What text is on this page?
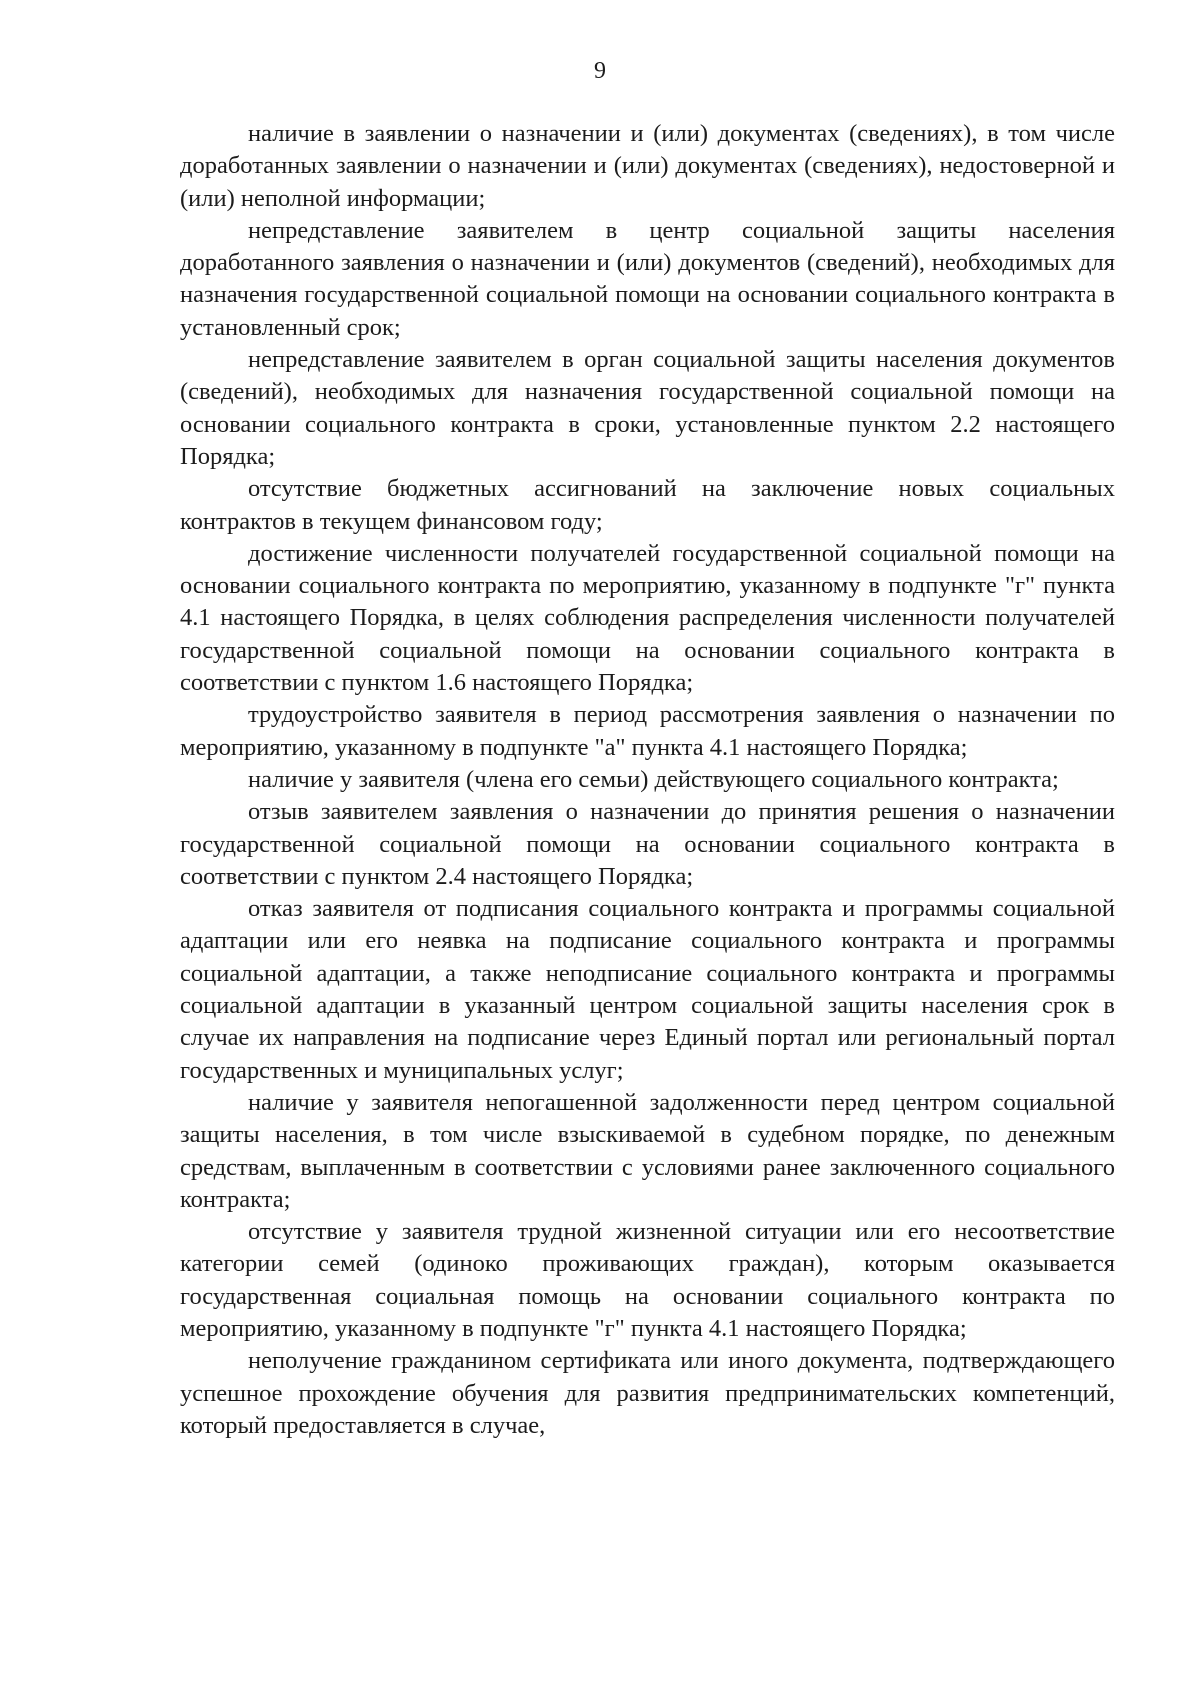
9

наличие в заявлении о назначении и (или) документах (сведениях), в том числе доработанных заявлении о назначении и (или) документах (сведениях), недостоверной и (или) неполной информации;

непредставление заявителем в центр социальной защиты населения доработанного заявления о назначении и (или) документов (сведений), необходимых для назначения государственной социальной помощи на основании социального контракта в установленный срок;

непредставление заявителем в орган социальной защиты населения документов (сведений), необходимых для назначения государственной социальной помощи на основании социального контракта в сроки, установленные пунктом 2.2 настоящего Порядка;

отсутствие бюджетных ассигнований на заключение новых социальных контрактов в текущем финансовом году;

достижение численности получателей государственной социальной помощи на основании социального контракта по мероприятию, указанному в подпункте "г" пункта 4.1 настоящего Порядка, в целях соблюдения распределения численности получателей государственной социальной помощи на основании социального контракта в соответствии с пунктом 1.6 настоящего Порядка;

трудоустройство заявителя в период рассмотрения заявления о назначении по мероприятию, указанному в подпункте "а" пункта 4.1 настоящего Порядка;

наличие у заявителя (члена его семьи) действующего социального контракта;

отзыв заявителем заявления о назначении до принятия решения о назначении государственной социальной помощи на основании социального контракта в соответствии с пунктом 2.4 настоящего Порядка;

отказ заявителя от подписания социального контракта и программы социальной адаптации или его неявка на подписание социального контракта и программы социальной адаптации, а также неподписание социального контракта и программы социальной адаптации в указанный центром социальной защиты населения срок в случае их направления на подписание через Единый портал или региональный портал государственных и муниципальных услуг;

наличие у заявителя непогашенной задолженности перед центром социальной защиты населения, в том числе взыскиваемой в судебном порядке, по денежным средствам, выплаченным в соответствии с условиями ранее заключенного социального контракта;

отсутствие у заявителя трудной жизненной ситуации или его несоответствие категории семей (одиноко проживающих граждан), которым оказывается государственная социальная помощь на основании социального контракта по мероприятию, указанному в подпункте "г" пункта 4.1 настоящего Порядка;

неполучение гражданином сертификата или иного документа, подтверждающего успешное прохождение обучения для развития предпринимательских компетенций, который предоставляется в случае,
